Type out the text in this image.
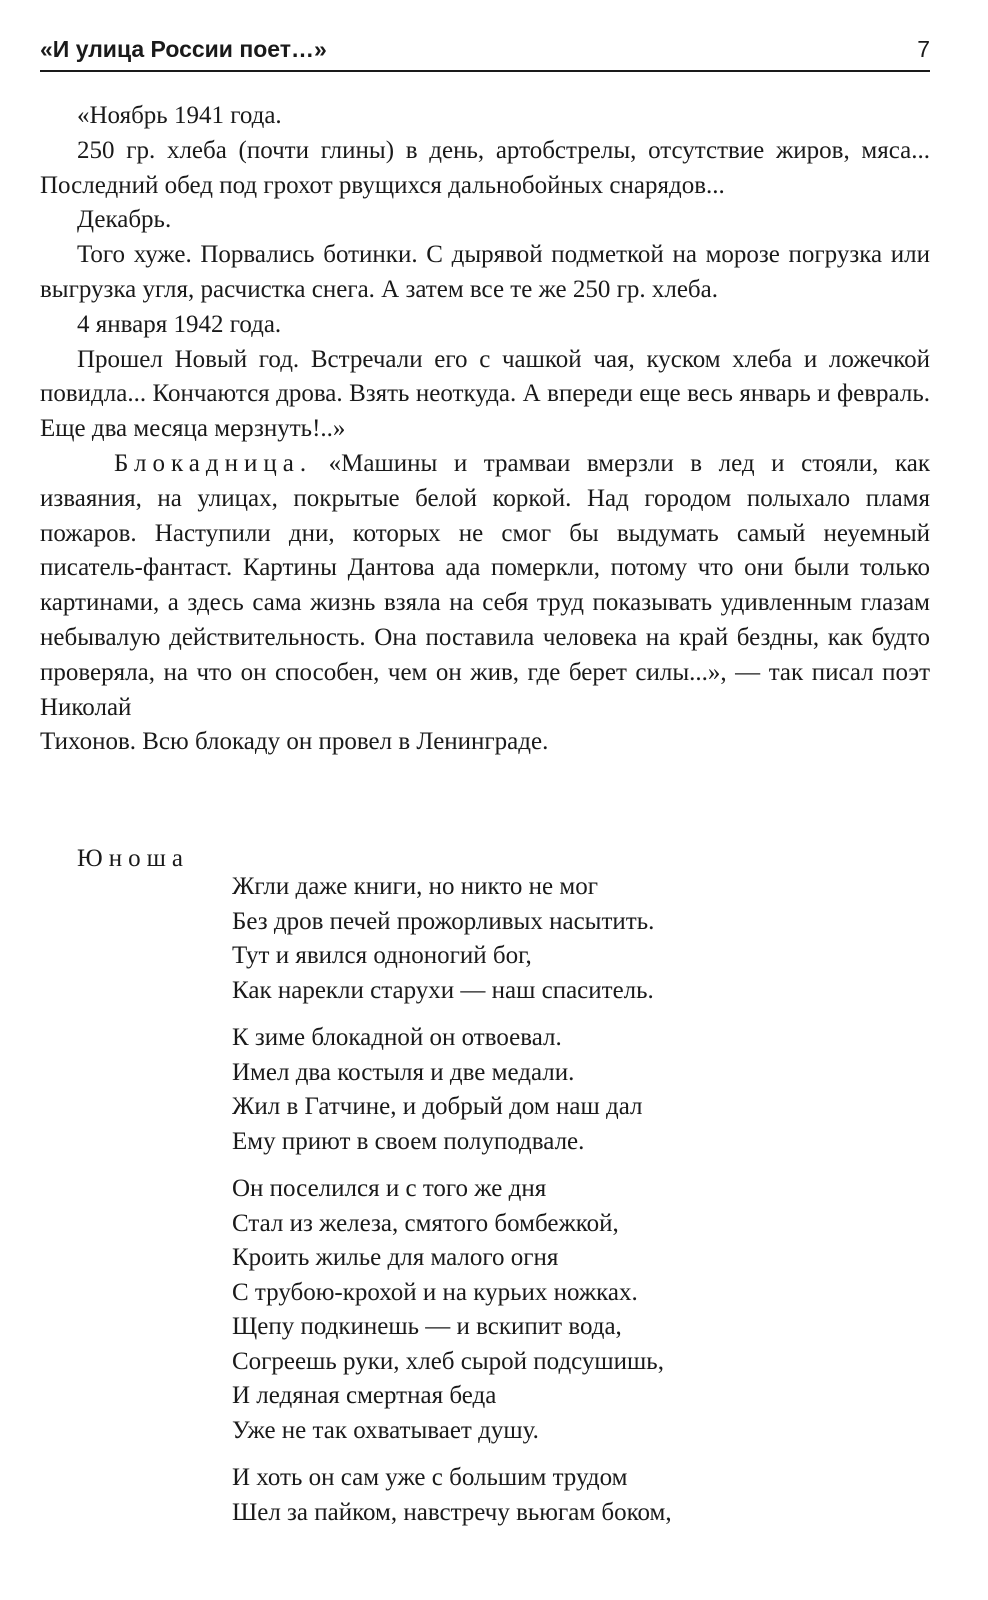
«И улица России поет…»	7

«Ноябрь 1941 года.

250 гр. хлеба (почти глины) в день, артобстрелы, отсутствие жиров, мяса... Последний обед под грохот рвущихся дальнобойных снарядов...

Декабрь.

Того хуже. Порвались ботинки. С дырявой подметкой на морозе погрузка или выгрузка угля, расчистка снега. А затем все те же 250 гр. хлеба.

4 января 1942 года.

Прошел Новый год. Встречали его с чашкой чая, куском хлеба и ложечкой повидла... Кончаются дрова. Взять неоткуда. А впереди еще весь январь и февраль. Еще два месяца мерзнуть!..»

Блокадница. «Машины и трамваи вмерзли в лед и стояли, как изваяния, на улицах, покрытые белой коркой. Над городом полыхало пламя пожаров. Наступили дни, которых не смог бы выдумать самый неуемный писатель-фантаст. Картины Дантова ада померкли, потому что они были только картинами, а здесь сама жизнь взяла на себя труд показывать удивленным глазам небывалую действительность. Она поставила человека на край бездны, как будто проверяла, на что он способен, чем он жив, где берет силы...», — так писал поэт Николай

Тихонов. Всю блокаду он провел в Ленинграде.

Юноша
Жгли даже книги, но никто не мог
Без дров печей прожорливых насытить.
Тут и явился одноногий бог,
Как нарекли старухи — наш спаситель.
К зиме блокадной он отвоевал.
Имел два костыля и две медали.
Жил в Гатчине, и добрый дом наш дал
Ему приют в своем полуподвале.
Он поселился и с того же дня
Стал из железа, смятого бомбежкой,
Кроить жилье для малого огня
С трубою-крохой и на курьих ножках.
Щепу подкинешь — и вскипит вода,
Согреешь руки, хлеб сырой подсушишь,
И ледяная смертная беда
Уже не так охватывает душу.
И хоть он сам уже с большим трудом
Шел за пайком, навстречу вьюгам боком,
